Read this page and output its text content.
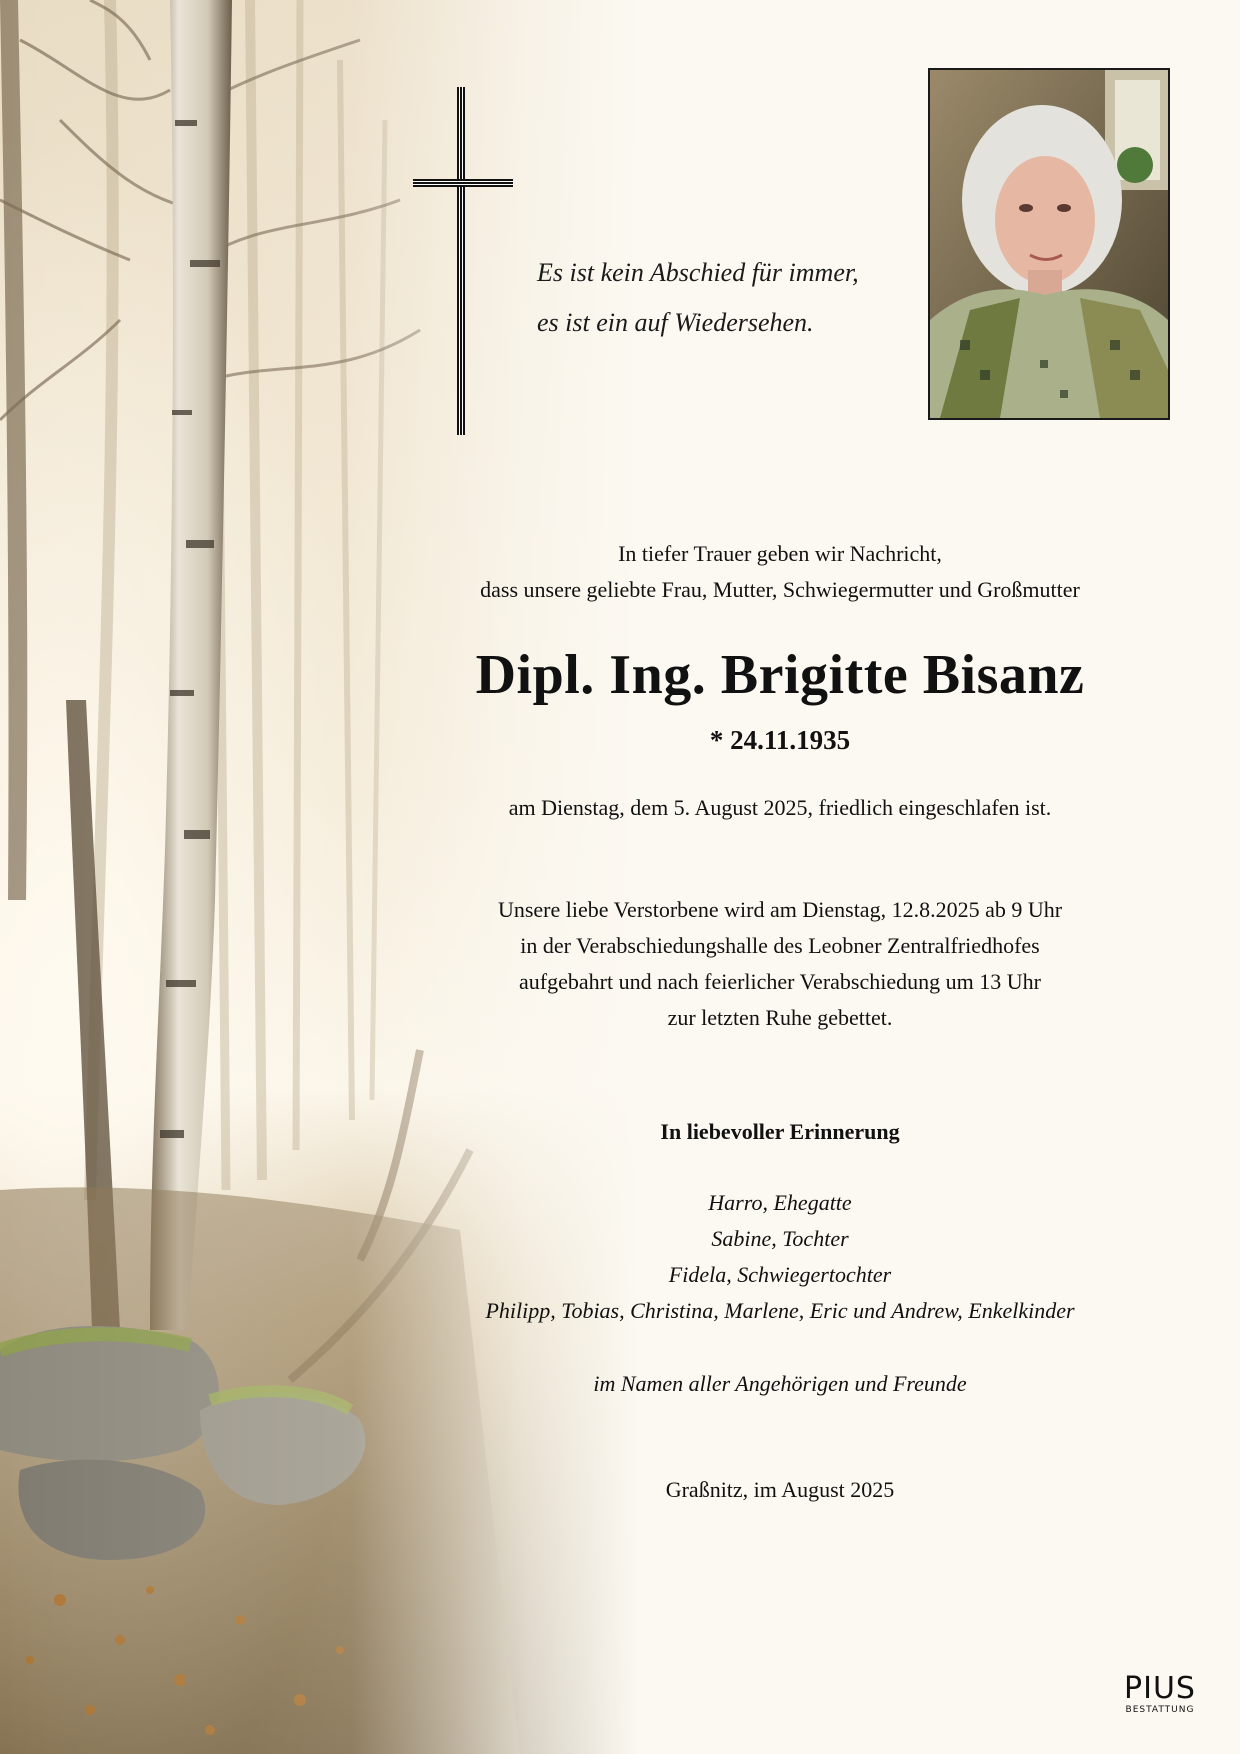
Es ist kein Abschied für immer,
es ist ein auf Wiedersehen.
In tiefer Trauer geben wir Nachricht,
dass unsere geliebte Frau, Mutter, Schwiegermutter und Großmutter
Dipl. Ing. Brigitte Bisanz
* 24.11.1935
am Dienstag, dem 5. August 2025, friedlich eingeschlafen ist.
Unsere liebe Verstorbene wird am Dienstag, 12.8.2025 ab 9 Uhr
in der Verabschiedungshalle des Leobner Zentralfriedhofes
aufgebahrt und nach feierlicher Verabschiedung um 13 Uhr
zur letzten Ruhe gebettet.
In liebevoller Erinnerung
Harro, Ehegatte
Sabine, Tochter
Fidela, Schwiegertochter
Philipp, Tobias, Christina, Marlene, Eric und Andrew, Enkelkinder
im Namen aller Angehörigen und Freunde
Graßnitz, im August 2025
PIUS
BESTATTUNG
